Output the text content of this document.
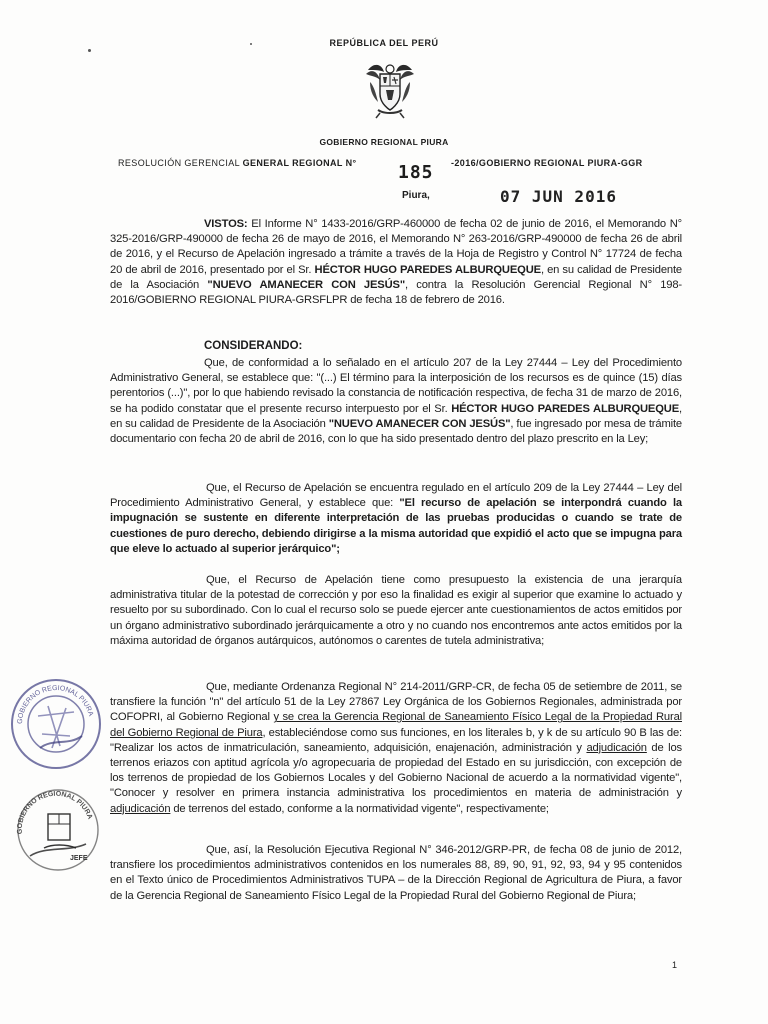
REPÚBLICA DEL PERÚ
GOBIERNO REGIONAL PIURA
RESOLUCIÓN GERENCIAL GENERAL REGIONAL N° 185 -2016/GOBIERNO REGIONAL PIURA-GGR
Piura,	07 JUN 2016
VISTOS: El Informe N° 1433-2016/GRP-460000 de fecha 02 de junio de 2016, el Memorando N° 325-2016/GRP-490000 de fecha 26 de mayo de 2016, el Memorando N° 263-2016/GRP-490000 de fecha 26 de abril de 2016, y el Recurso de Apelación ingresado a trámite a través de la Hoja de Registro y Control N° 17724 de fecha 20 de abril de 2016, presentado por el Sr. HÉCTOR HUGO PAREDES ALBURQUEQUE, en su calidad de Presidente de la Asociación "NUEVO AMANECER CON JESÚS", contra la Resolución Gerencial Regional N° 198-2016/GOBIERNO REGIONAL PIURA-GRSFLPR de fecha 18 de febrero de 2016.
CONSIDERANDO:
Que, de conformidad a lo señalado en el artículo 207 de la Ley 27444 – Ley del Procedimiento Administrativo General, se establece que: "(...) El término para la interposición de los recursos es de quince (15) días perentorios (...)", por lo que habiendo revisado la constancia de notificación respectiva, de fecha 31 de marzo de 2016, se ha podido constatar que el presente recurso interpuesto por el Sr. HÉCTOR HUGO PAREDES ALBURQUEQUE, en su calidad de Presidente de la Asociación "NUEVO AMANECER CON JESÚS", fue ingresado por mesa de trámite documentario con fecha 20 de abril de 2016, con lo que ha sido presentado dentro del plazo prescrito en la Ley;
Que, el Recurso de Apelación se encuentra regulado en el artículo 209 de la Ley 27444 – Ley del Procedimiento Administrativo General, y establece que: "El recurso de apelación se interpondrá cuando la impugnación se sustente en diferente interpretación de las pruebas producidas o cuando se trate de cuestiones de puro derecho, debiendo dirigirse a la misma autoridad que expidió el acto que se impugna para que eleve lo actuado al superior jerárquico";
Que, el Recurso de Apelación tiene como presupuesto la existencia de una jerarquía administrativa titular de la potestad de corrección y por eso la finalidad es exigir al superior que examine lo actuado y resuelto por su subordinado. Con lo cual el recurso solo se puede ejercer ante cuestionamientos de actos emitidos por un órgano administrativo subordinado jerárquicamente a otro y no cuando nos encontremos ante actos emitidos por la máxima autoridad de órganos autárquicos, autónomos o carentes de tutela administrativa;
Que, mediante Ordenanza Regional N° 214-2011/GRP-CR, de fecha 05 de setiembre de 2011, se transfiere la función "n" del artículo 51 de la Ley 27867 Ley Orgánica de los Gobiernos Regionales, administrada por COFOPRI, al Gobierno Regional y se crea la Gerencia Regional de Saneamiento Físico Legal de la Propiedad Rural del Gobierno Regional de Piura, estableciéndose como sus funciones, en los literales b, y k de su artículo 90 B las de: "Realizar los actos de inmatriculación, saneamiento, adquisición, enajenación, administración y adjudicación de los terrenos eriazos con aptitud agrícola y/o agropecuaria de propiedad del Estado en su jurisdicción, con excepción de los terrenos de propiedad de los Gobiernos Locales y del Gobierno Nacional de acuerdo a la normatividad vigente", "Conocer y resolver en primera instancia administrativa los procedimientos en materia de administración y adjudicación de terrenos del estado, conforme a la normatividad vigente", respectivamente;
Que, así, la Resolución Ejecutiva Regional N° 346-2012/GRP-PR, de fecha 08 de junio de 2012, transfiere los procedimientos administrativos contenidos en los numerales 88, 89, 90, 91, 92, 93, 94 y 95 contenidos en el Texto único de Procedimientos Administrativos TUPA – de la Dirección Regional de Agricultura de Piura, a favor de la Gerencia Regional de Saneamiento Físico Legal de la Propiedad Rural del Gobierno Regional de Piura;
GOBIERNO REGIONAL PIURA
GOBIERNO REGIONAL PIURA
JEFE
1
